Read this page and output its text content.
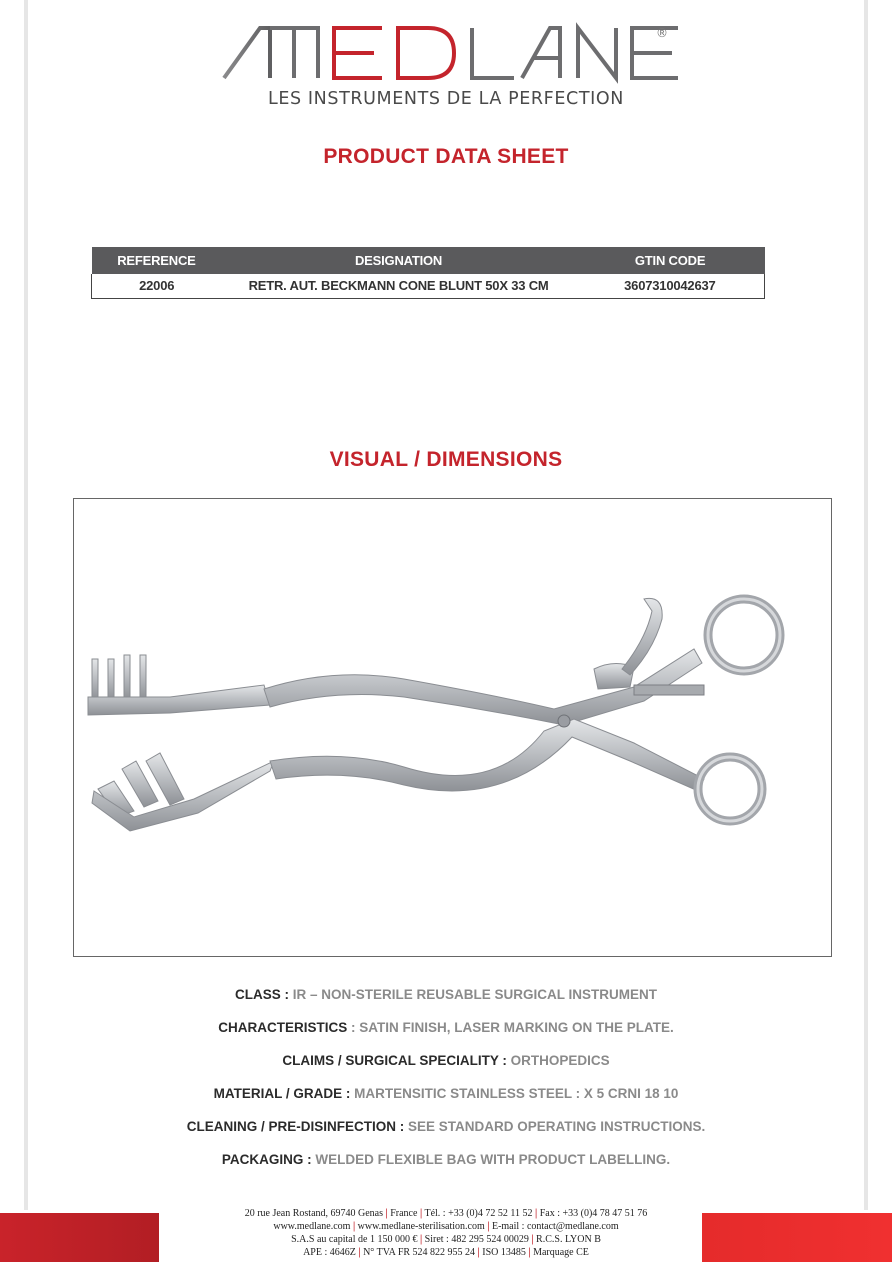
®
LES INSTRUMENTS DE LA PERFECTION
PRODUCT DATA SHEET
REFERENCE	DESIGNATION	GTIN CODE
22006	RETR. AUT. BECKMANN CONE BLUNT 50X 33 CM	3607310042637
VISUAL / DIMENSIONS
CLASS : IR – NON-STERILE REUSABLE SURGICAL INSTRUMENT
CHARACTERISTICS : SATIN FINISH, LASER MARKING ON THE PLATE.
CLAIMS / SURGICAL SPECIALITY : ORTHOPEDICS
MATERIAL / GRADE : MARTENSITIC STAINLESS STEEL : X 5 CRNI 18 10
CLEANING / PRE-DISINFECTION : SEE STANDARD OPERATING INSTRUCTIONS.
PACKAGING : WELDED FLEXIBLE BAG WITH PRODUCT LABELLING.
20 rue Jean Rostand, 69740 Genas | France | Tél. : +33 (0)4 72 52 11 52 | Fax : +33 (0)4 78 47 51 76
www.medlane.com | www.medlane-sterilisation.com | E-mail : contact@medlane.com
S.A.S au capital de 1 150 000 € | Siret : 482 295 524 00029 | R.C.S. LYON B
APE : 4646Z | N° TVA FR 524 822 955 24 | ISO 13485 | Marquage CE
